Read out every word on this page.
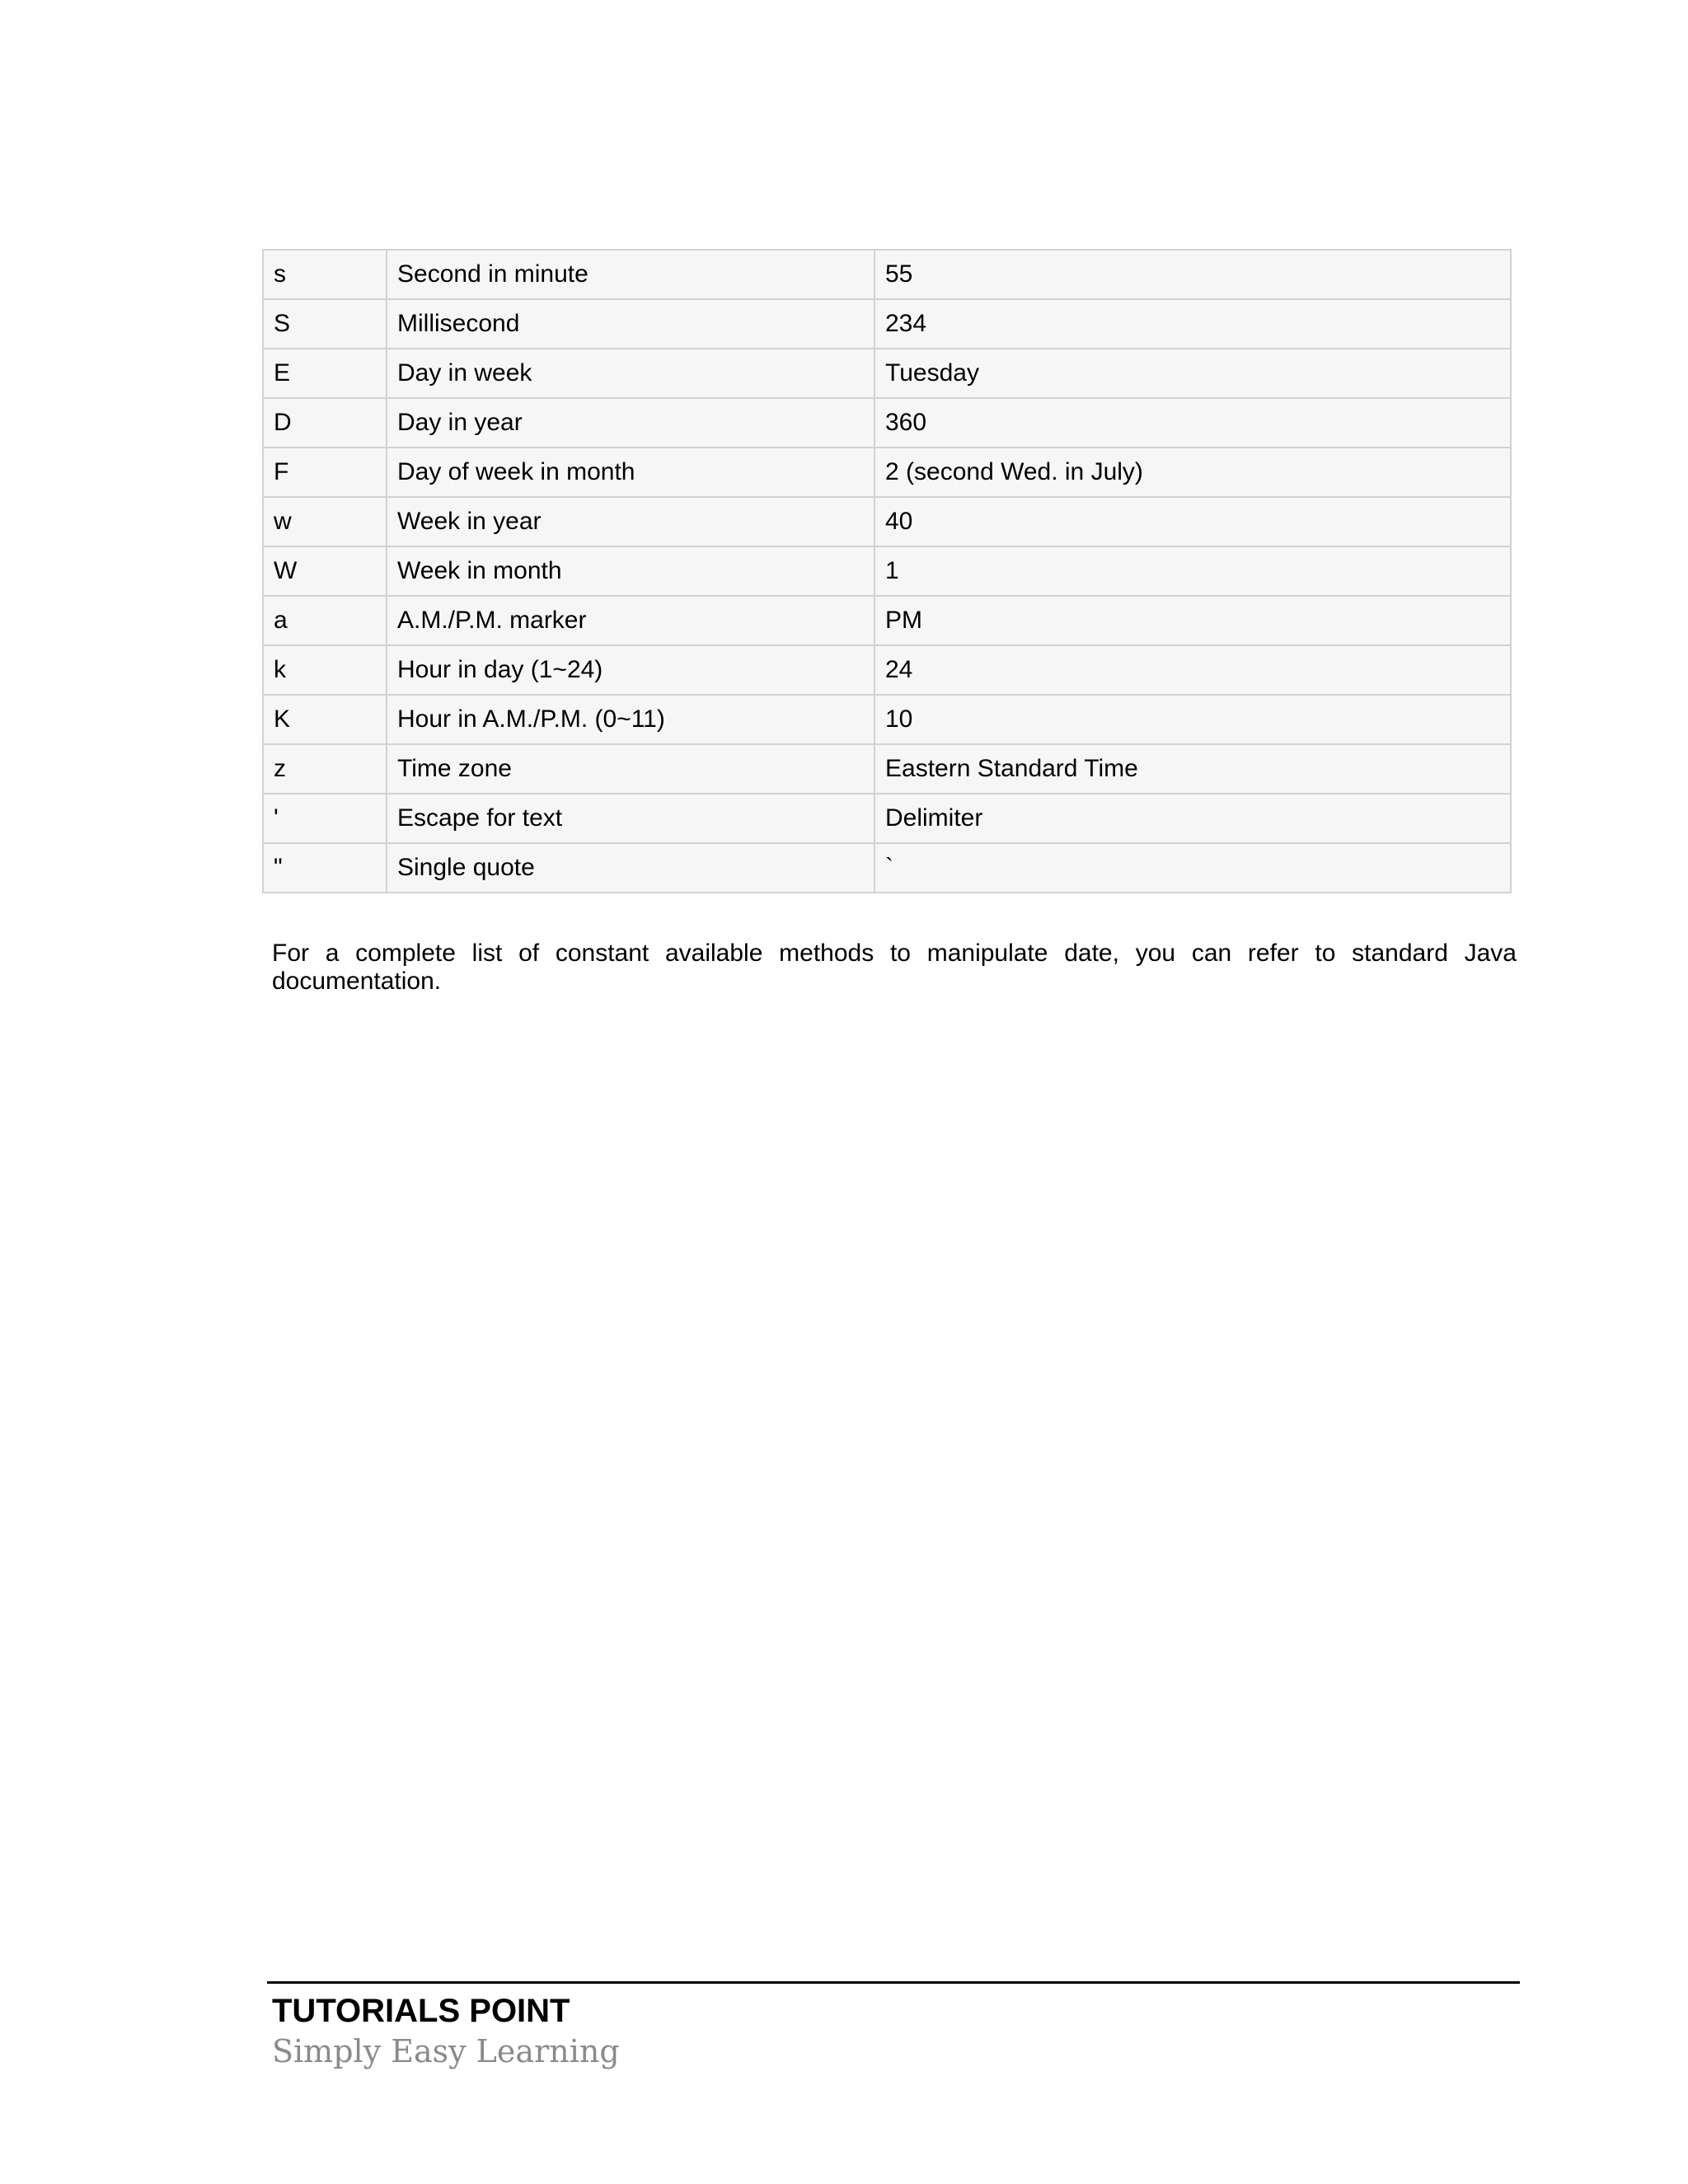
s	Second in minute	55
S	Millisecond	234
E	Day in week	Tuesday
D	Day in year	360
F	Day of week in month	2 (second Wed. in July)
w	Week in year	40
W	Week in month	1
a	A.M./P.M. marker	PM
k	Hour in day (1~24)	24
K	Hour in A.M./P.M. (0~11)	10
z	Time zone	Eastern Standard Time
'	Escape for text	Delimiter
"	Single quote	`

For a complete list of constant available methods to manipulate date, you can refer to standard Java documentation.

TUTORIALS POINT

Simply Easy Learning
